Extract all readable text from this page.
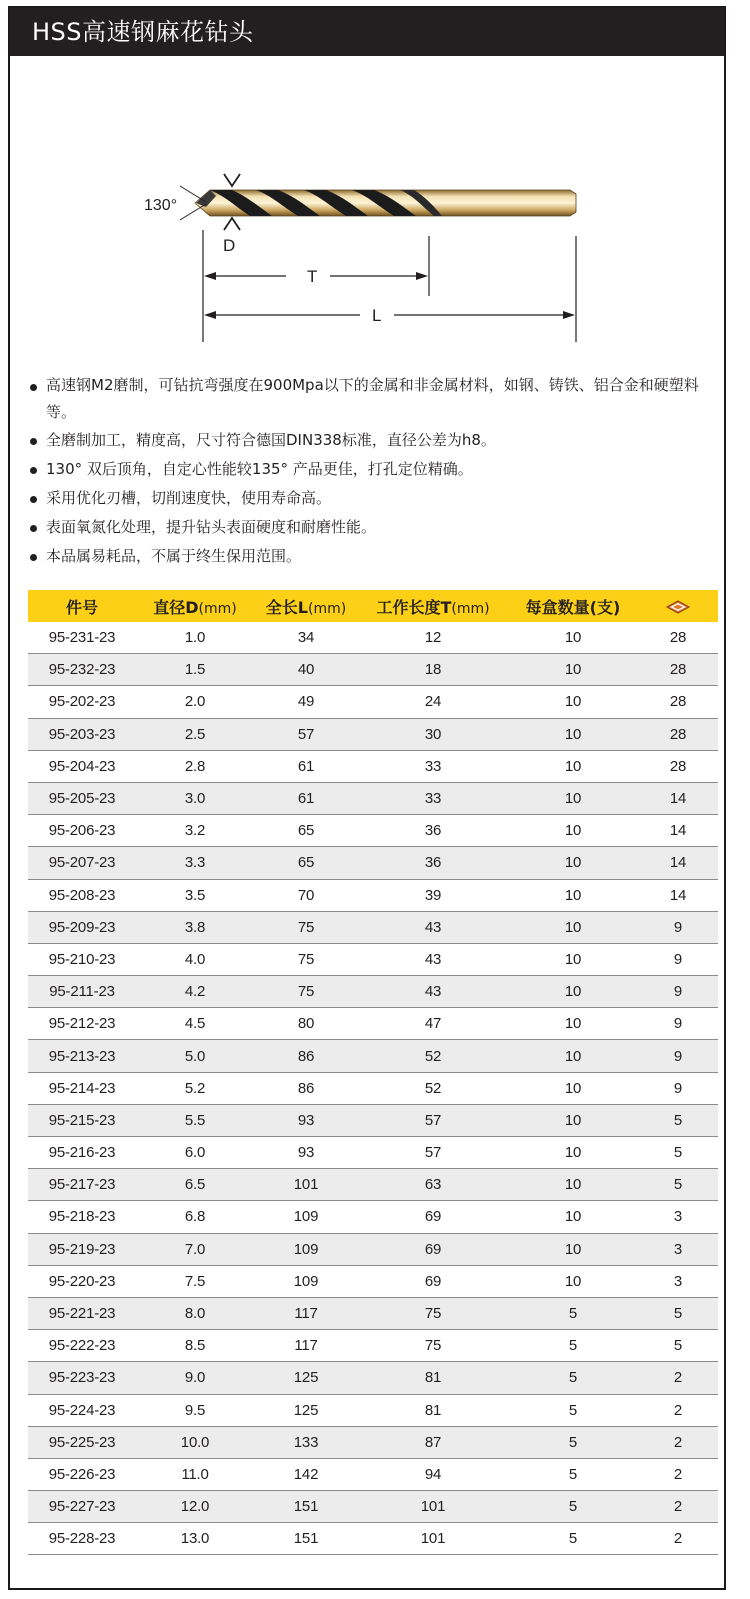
HSS高速钢麻花钻头
130°
D
T
L
高速钢M2磨制，可钻抗弯强度在900Mpa以下的金属和非金属材料，如钢、铸铁、铝合金和硬塑料等。
全磨制加工，精度高，尺寸符合德国DIN338标准，直径公差为h8。
130° 双后顶角，自定心性能较135° 产品更佳，打孔定位精确。
采用优化刃槽，切削速度快，使用寿命高。
表面氧氮化处理，提升钻头表面硬度和耐磨性能。
本品属易耗品，不属于终生保用范围。
件号	直径D(mm)	全长L(mm)	工作长度T(mm)	每盒数量(支)	
95-231-23	1.0	34	12	10	28
95-232-23	1.5	40	18	10	28
95-202-23	2.0	49	24	10	28
95-203-23	2.5	57	30	10	28
95-204-23	2.8	61	33	10	28
95-205-23	3.0	61	33	10	14
95-206-23	3.2	65	36	10	14
95-207-23	3.3	65	36	10	14
95-208-23	3.5	70	39	10	14
95-209-23	3.8	75	43	10	9
95-210-23	4.0	75	43	10	9
95-211-23	4.2	75	43	10	9
95-212-23	4.5	80	47	10	9
95-213-23	5.0	86	52	10	9
95-214-23	5.2	86	52	10	9
95-215-23	5.5	93	57	10	5
95-216-23	6.0	93	57	10	5
95-217-23	6.5	101	63	10	5
95-218-23	6.8	109	69	10	3
95-219-23	7.0	109	69	10	3
95-220-23	7.5	109	69	10	3
95-221-23	8.0	117	75	5	5
95-222-23	8.5	117	75	5	5
95-223-23	9.0	125	81	5	2
95-224-23	9.5	125	81	5	2
95-225-23	10.0	133	87	5	2
95-226-23	11.0	142	94	5	2
95-227-23	12.0	151	101	5	2
95-228-23	13.0	151	101	5	2
